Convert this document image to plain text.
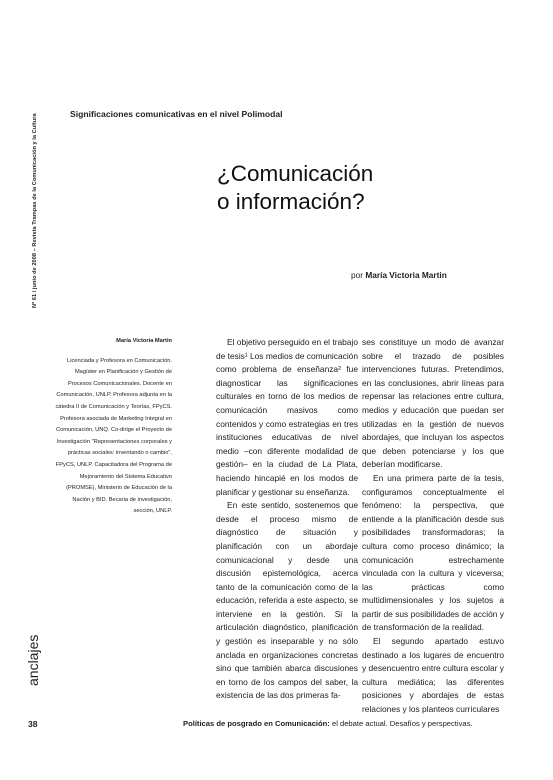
Nº 61 / junio de 2008 – Revista Trampas de la Comunicación y la Cultura
anclajes
Significaciones comunicativas en el nivel Polimodal
¿Comunicación
o información?
por María Victoria Martin
María Victoria Martin
Licenciada y Profesora en Comunicación. Magíster en Planificación y Gestión de Procesos Comunicacionales. Docente en Comunicación, UNLP. Profesora adjunta en la cátedra II de Comunicación y Teorías, FPyCS. Profesora asociada de Marketing Integral en Comunicación, UNQ. Co-dirige el Proyecto de Investigación "Representaciones corporales y prácticas sociales: inventando o cambio", FPyCS, UNLP. Capacitadora del Programa de Mejoramiento del Sistema Educativo (PROMSE), Ministerio de Educación de la Nación y BID. Becaria de investigación, sección, UNLP.

El objetivo perseguido en el trabajo de tesis¹ Los medios de comunicación como problema de enseñanza² fue diagnosticar las significaciones culturales en torno de los medios de comunicación masivos como contenidos y como estrategias en tres instituciones educativas de nivel medio –con diferente modalidad de gestión– en la ciudad de La Plata, haciendo hincapié en los modos de planificar y gestionar su enseñanza.

En este sentido, sostenemos que desde el proceso mismo de diagnóstico de situación y planificación con un abordaje comunicacional y desde una discusión epistemológica, acerca tanto de la comunicación como de la educación, referida a este aspecto, se interviene en la gestión. Si la articulación diagnóstico, planificación y gestión es inseparable y no sólo anclada en organizaciones concretas sino que también abarca discusiones en torno de los campos del saber, la existencia de las dos primeras fa-

ses constituye un modo de avanzar sobre el trazado de posibles intervenciones futuras. Pretendimos, en las conclusiones, abrir líneas para repensar las relaciones entre cultura, medios y educación que puedan ser utilizadas en la gestión de nuevos abordajes, que incluyan los aspectos que deben potenciarse y los que deberían modificarse.

En una primera parte de la tesis, configuramos conceptualmente el fenómeno: la perspectiva, que entiende a la planificación desde sus posibilidades transformadoras; la cultura como proceso dinámico; la comunicación estrechamente vinculada con la cultura y viceversa; las prácticas como multidimensionales y los sujetos a partir de sus posibilidades de acción y de transformación de la realidad.

El segundo apartado estuvo destinado a los lugares de encuentro y desencuentro entre cultura escolar y cultura mediática; las diferentes posiciones y abordajes de estas relaciones y los planteos curriculares

38	Políticas de posgrado en Comunicación: el debate actual. Desafíos y perspectivas.
